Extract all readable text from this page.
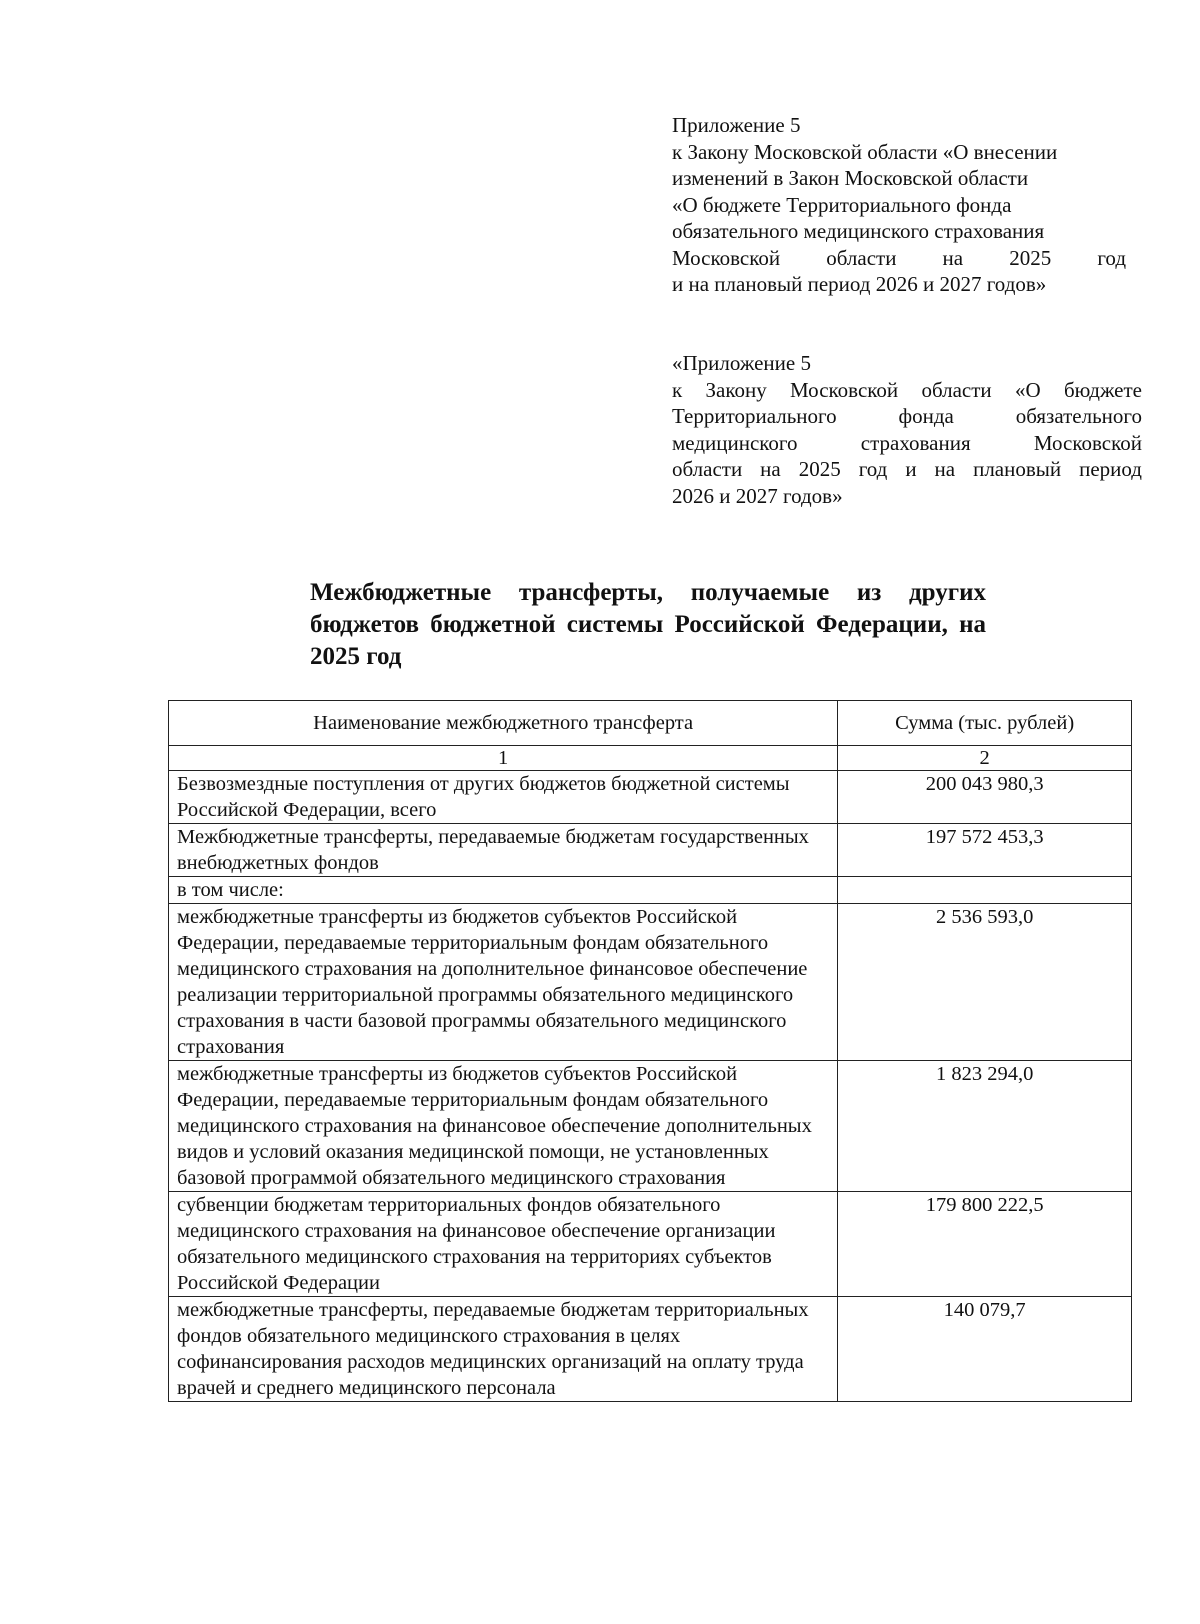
Приложение 5

к Закону Московской области «О внесении

изменений в Закон Московской области

«О бюджете Территориального фонда

обязательного медицинского страхования

Московской области на 2025 год

и на плановый период 2026 и 2027 годов»

«Приложение 5

к Закону Московской области «О бюджете

Территориального фонда обязательного

медицинского страхования Московской

области на 2025 год и на плановый период

2026 и 2027 годов»

Межбюджетные трансферты, получаемые из других бюджетов бюджетной системы Российской Федерации, на 2025 год
Наименование межбюджетного трансферта	Сумма (тыс. рублей)
1	2
Безвозмездные поступления от других бюджетов бюджетной системы Российской Федерации, всего	200 043 980,3
Межбюджетные трансферты, передаваемые бюджетам государственных внебюджетных фондов	197 572 453,3
в том числе:	
межбюджетные трансферты из бюджетов субъектов Российской Федерации, передаваемые территориальным фондам обязательного медицинского страхования на дополнительное финансовое обеспечение реализации территориальной программы обязательного медицинского страхования в части базовой программы обязательного медицинского страхования	2 536 593,0
межбюджетные трансферты из бюджетов субъектов Российской Федерации, передаваемые территориальным фондам обязательного медицинского страхования на финансовое обеспечение дополнительных видов и условий оказания медицинской помощи, не установленных базовой программой обязательного медицинского страхования	1 823 294,0
субвенции бюджетам территориальных фондов обязательного медицинского страхования на финансовое обеспечение организации обязательного медицинского страхования на территориях субъектов Российской Федерации	179 800 222,5
межбюджетные трансферты, передаваемые бюджетам территориальных фондов обязательного медицинского страхования в целях софинансирования расходов медицинских организаций на оплату труда врачей и среднего медицинского персонала	140 079,7
